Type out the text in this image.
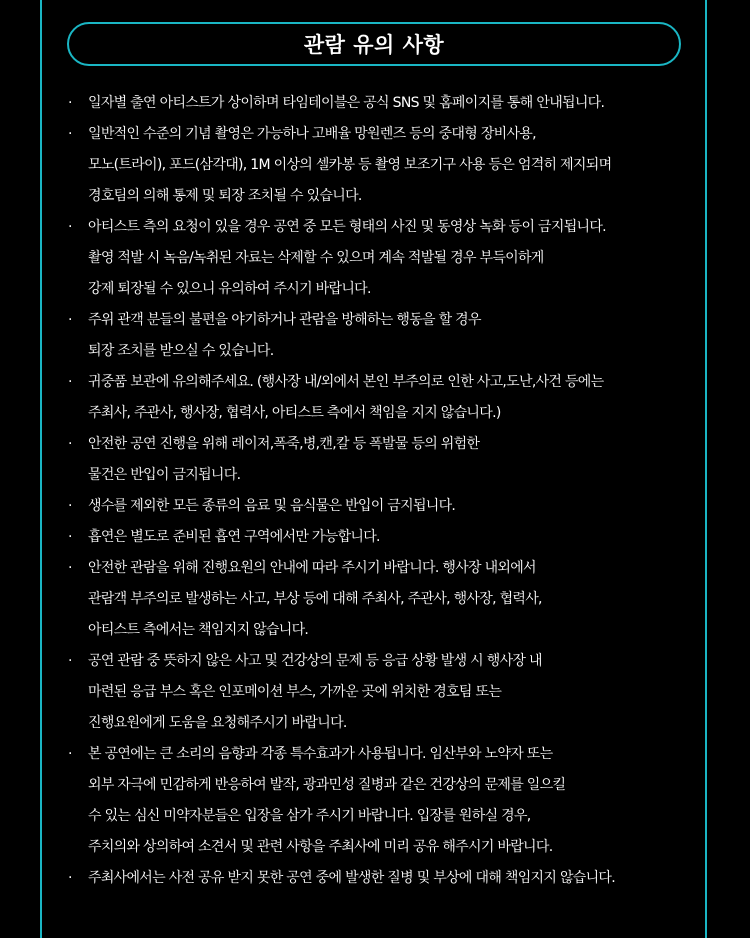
관람 유의 사항
·	일자별 출연 아티스트가 상이하며 타임테이블은 공식 SNS 및 홈페이지를 통해 안내됩니다.
·	일반적인 수준의 기념 촬영은 가능하나 고배율 망원렌즈 등의 중대형 장비사용,
모노(트라이), 포드(삼각대), 1M 이상의 셀카봉 등 촬영 보조기구 사용 등은 엄격히 제지되며
경호팀의 의해 통제 및 퇴장 조치될 수 있습니다.
·	아티스트 측의 요청이 있을 경우 공연 중 모든 형태의 사진 및 동영상 녹화 등이 금지됩니다.
촬영 적발 시 녹음/녹취된 자료는 삭제할 수 있으며 계속 적발될 경우 부득이하게
강제 퇴장될 수 있으니 유의하여 주시기 바랍니다.
·	주위 관객 분들의 불편을 야기하거나 관람을 방해하는 행동을 할 경우
퇴장 조치를 받으실 수 있습니다.
·	귀중품 보관에 유의해주세요. (행사장 내/외에서 본인 부주의로 인한 사고,도난,사건 등에는
주최사, 주관사, 행사장, 협력사, 아티스트 측에서 책임을 지지 않습니다.)
·	안전한 공연 진행을 위해 레이저,폭죽,병,캔,칼 등 폭발물 등의 위험한
물건은 반입이 금지됩니다.
·	생수를 제외한 모든 종류의 음료 및 음식물은 반입이 금지됩니다.
·	흡연은 별도로 준비된 흡연 구역에서만 가능합니다.
·	안전한 관람을 위해 진행요원의 안내에 따라 주시기 바랍니다. 행사장 내외에서
관람객 부주의로 발생하는 사고, 부상 등에 대해 주최사, 주관사, 행사장, 협력사,
아티스트 측에서는 책임지지 않습니다.
·	공연 관람 중 뜻하지 않은 사고 및 건강상의 문제 등 응급 상황 발생 시 행사장 내
마련된 응급 부스 혹은 인포메이션 부스, 가까운 곳에 위치한 경호팀 또는
진행요원에게 도움을 요청해주시기 바랍니다.
·	본 공연에는 큰 소리의 음향과 각종 특수효과가 사용됩니다. 임산부와 노약자 또는
외부 자극에 민감하게 반응하여 발작, 광과민성 질병과 같은 건강상의 문제를 일으킬
수 있는 심신 미약자분들은 입장을 삼가 주시기 바랍니다. 입장를 원하실 경우,
주치의와 상의하여 소견서 및 관련 사항을 주최사에 미리 공유 해주시기 바랍니다.
·	주최사에서는 사전 공유 받지 못한 공연 중에 발생한 질병 및 부상에 대해 책임지지 않습니다.
